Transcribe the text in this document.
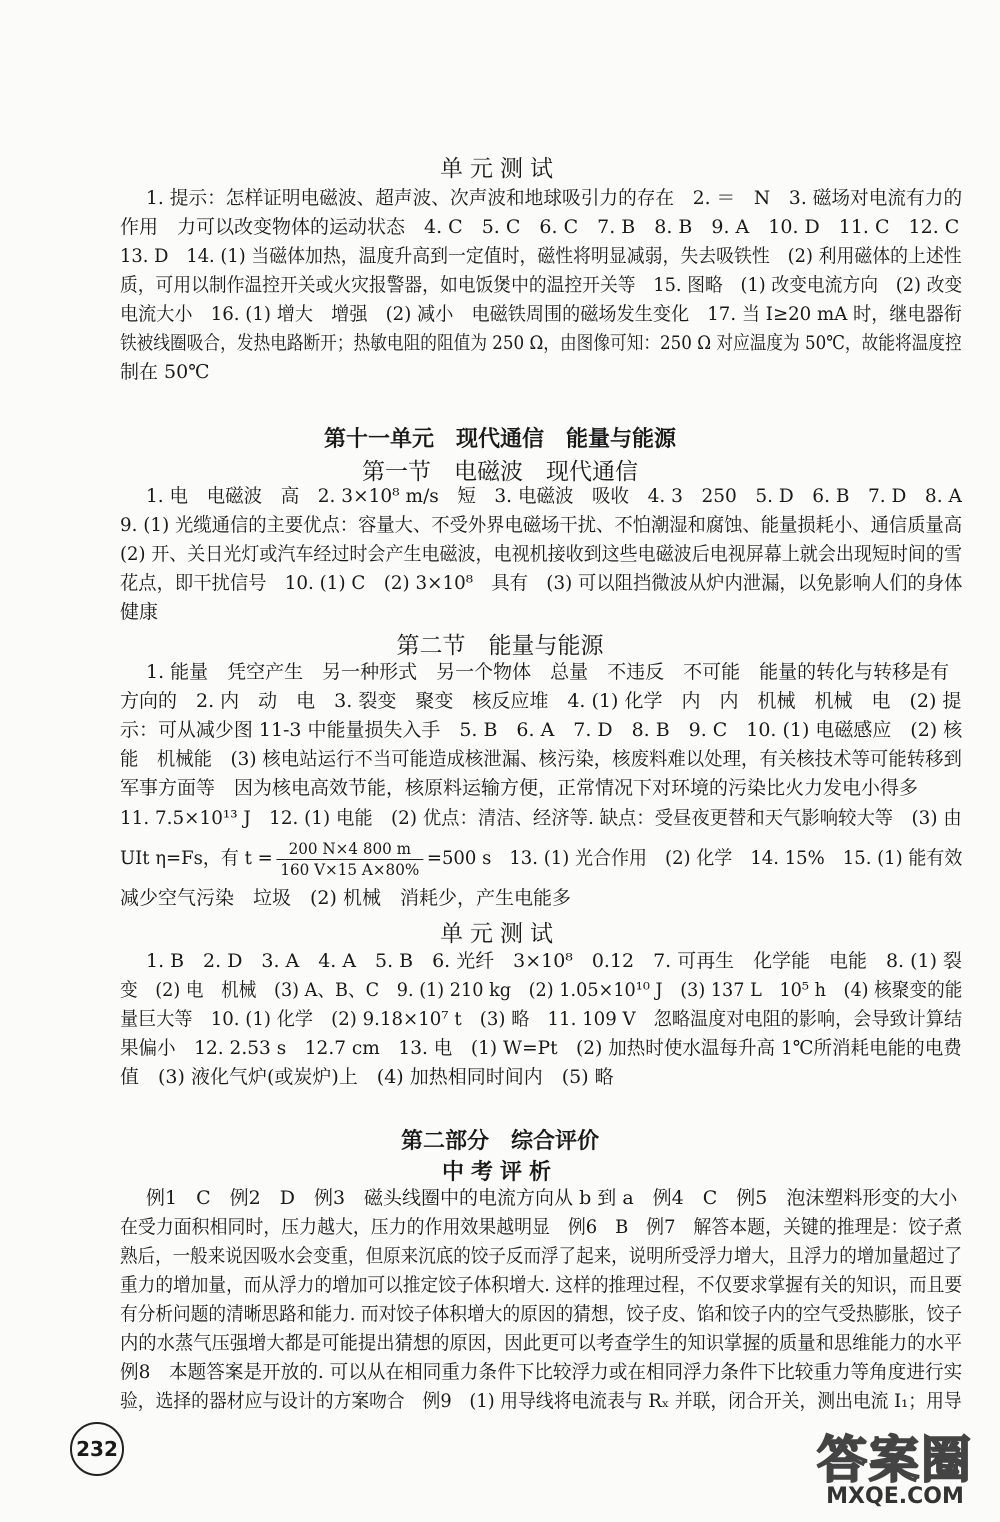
单元测试
1. 提示：怎样证明电磁波、超声波、次声波和地球吸引力的存在　2. ＝　N　3. 磁场对电流有力的
作用　力可以改变物体的运动状态　4. C　5. C　6. C　7. B　8. B　9. A　10. D　11. C　12. C
13. D　14. (1) 当磁体加热，温度升高到一定值时，磁性将明显减弱，失去吸铁性　(2) 利用磁体的上述性
质，可用以制作温控开关或火灾报警器，如电饭煲中的温控开关等　15. 图略　(1) 改变电流方向　(2) 改变
电流大小　16. (1) 增大　增强　(2) 减小　电磁铁周围的磁场发生变化　17. 当 I≥20 mA 时，继电器衔
铁被线圈吸合，发热电路断开；热敏电阻的阻值为 250 Ω，由图像可知：250 Ω 对应温度为 50℃，故能将温度控
制在 50℃
第十一单元　现代通信　能量与能源
第一节　电磁波　现代通信
1. 电　电磁波　高　2. 3×10⁸ m/s　短　3. 电磁波　吸收　4. 3　250　5. D　6. B　7. D　8. A
9. (1) 光缆通信的主要优点：容量大、不受外界电磁场干扰、不怕潮湿和腐蚀、能量损耗小、通信质量高
(2) 开、关日光灯或汽车经过时会产生电磁波，电视机接收到这些电磁波后电视屏幕上就会出现短时间的雪
花点，即干扰信号　10. (1) C　(2) 3×10⁸　具有　(3) 可以阻挡微波从炉内泄漏，以免影响人们的身体
健康
第二节　能量与能源
1. 能量　凭空产生　另一种形式　另一个物体　总量　不违反　不可能　能量的转化与转移是有
方向的　2. 内　动　电　3. 裂变　聚变　核反应堆　4. (1) 化学　内　内　机械　机械　电　(2) 提
示：可从减少图 11-3 中能量损失入手　5. B　6. A　7. D　8. B　9. C　10. (1) 电磁感应　(2) 核
能　机械能　(3) 核电站运行不当可能造成核泄漏、核污染，核废料难以处理，有关核技术等可能转移到
军事方面等　因为核电高效节能，核原料运输方便，正常情况下对环境的污染比火力发电小得多
11. 7.5×10¹³ J　12. (1) 电能　(2) 优点：清洁、经济等. 缺点：受昼夜更替和天气影响较大等　(3) 由
UIt η=Fs，有 $t = \frac{200 N\times 4 800 m}{160 V\times 15 A\times 80\%} =500$ s　13. (1) 光合作用　(2) 化学　14. 15%　15. (1) 能有效
减少空气污染　垃圾　(2) 机械　消耗少，产生电能多
单元测试
1. B　2. D　3. A　4. A　5. B　6. 光纤　3×10⁸　0.12　7. 可再生　化学能　电能　8. (1) 裂
变　(2) 电　机械　(3) A、B、C　9. (1) 210 kg　(2) 1.05×10¹⁰ J　(3) 137 L　10⁵ h　(4) 核聚变的能
量巨大等　10. (1) 化学　(2) 9.18×10⁷ t　(3) 略　11. 109 V　忽略温度对电阻的影响，会导致计算结
果偏小　12. 2.53 s　12.7 cm　13. 电　(1) W=Pt　(2) 加热时使水温每升高 1℃所消耗电能的电费
值　(3) 液化气炉(或炭炉)上　(4) 加热相同时间内　(5) 略
第二部分　综合评价
中考评析
例1　C　例2　D　例3　磁头线圈中的电流方向从 b 到 a　例4　C　例5　泡沫塑料形变的大小
在受力面积相同时，压力越大，压力的作用效果越明显　例6　B　例7　解答本题，关键的推理是：饺子煮
熟后，一般来说因吸水会变重，但原来沉底的饺子反而浮了起来，说明所受浮力增大，且浮力的增加量超过了
重力的增加量，而从浮力的增加可以推定饺子体积增大. 这样的推理过程，不仅要求掌握有关的知识，而且要
有分析问题的清晰思路和能力. 而对饺子体积增大的原因的猜想，饺子皮、馅和饺子内的空气受热膨胀，饺子
内的水蒸气压强增大都是可能提出猜想的原因，因此更可以考查学生的知识掌握的质量和思维能力的水平
例8　本题答案是开放的. 可以从在相同重力条件下比较浮力或在相同浮力条件下比较重力等角度进行实
验，选择的器材应与设计的方案吻合　例9　(1) 用导线将电流表与 Rₓ 并联，闭合开关，测出电流 I₁；用导
232	答案圈
MXQE.COM
